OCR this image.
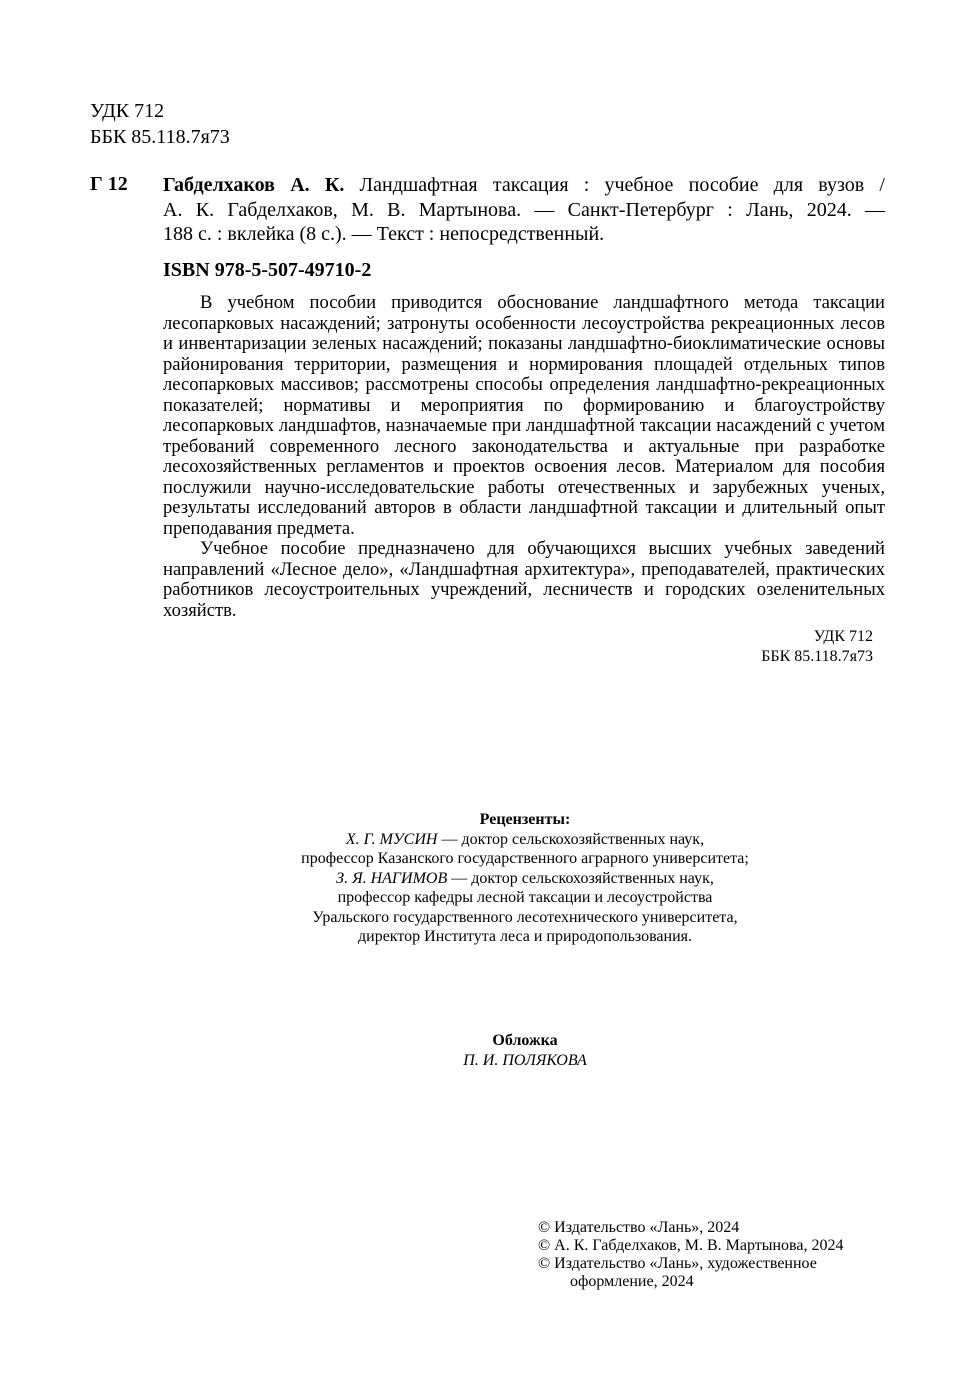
УДК 712
ББК 85.118.7я73
Г 12 Габделхаков А. К. Ландшафтная таксация : учебное пособие для вузов /

А. К. Габделхаков, М. В. Мартынова. — Санкт-Петербург : Лань, 2024. —

188 с. : вклейка (8 с.). — Текст : непосредственный.

ISBN 978-5-507-49710-2

В учебном пособии приводится обоснование ландшафтного метода таксации лесопарковых насаждений; затронуты особенности лесоустройства рекреационных лесов и инвентаризации зеленых насаждений; показаны ландшафтно-биоклиматические основы районирования территории, размещения и нормирования площадей отдельных типов лесопарковых массивов; рассмотрены способы определения ландшафтно-рекреационных показателей; нормативы и мероприятия по формированию и благоустройству лесопарковых ландшафтов, назначаемые при ландшафтной таксации насаждений с учетом требований современного лесного законодательства и актуальные при разработке лесохозяйственных регламентов и проектов освоения лесов. Материалом для пособия послужили научно-исследовательские работы отечественных и зарубежных ученых, результаты исследований авторов в области ландшафтной таксации и длительный опыт преподавания предмета.

Учебное пособие предназначено для обучающихся высших учебных заведений направлений «Лесное дело», «Ландшафтная архитектура», преподавателей, практических работников лесоустроительных учреждений, лесничеств и городских озеленительных хозяйств.

УДК 712
ББК 85.118.7я73
Рецензенты:
Х. Г. МУСИН — доктор сельскохозяйственных наук,
профессор Казанского государственного аграрного университета;
З. Я. НАГИМОВ — доктор сельскохозяйственных наук,
профессор кафедры лесной таксации и лесоустройства
Уральского государственного лесотехнического университета,
директор Института леса и природопользования.
Обложка
П. И. ПОЛЯКОВА
© Издательство «Лань», 2024
© А. К. Габделхаков, М. В. Мартынова, 2024
© Издательство «Лань», художественное
оформление, 2024
